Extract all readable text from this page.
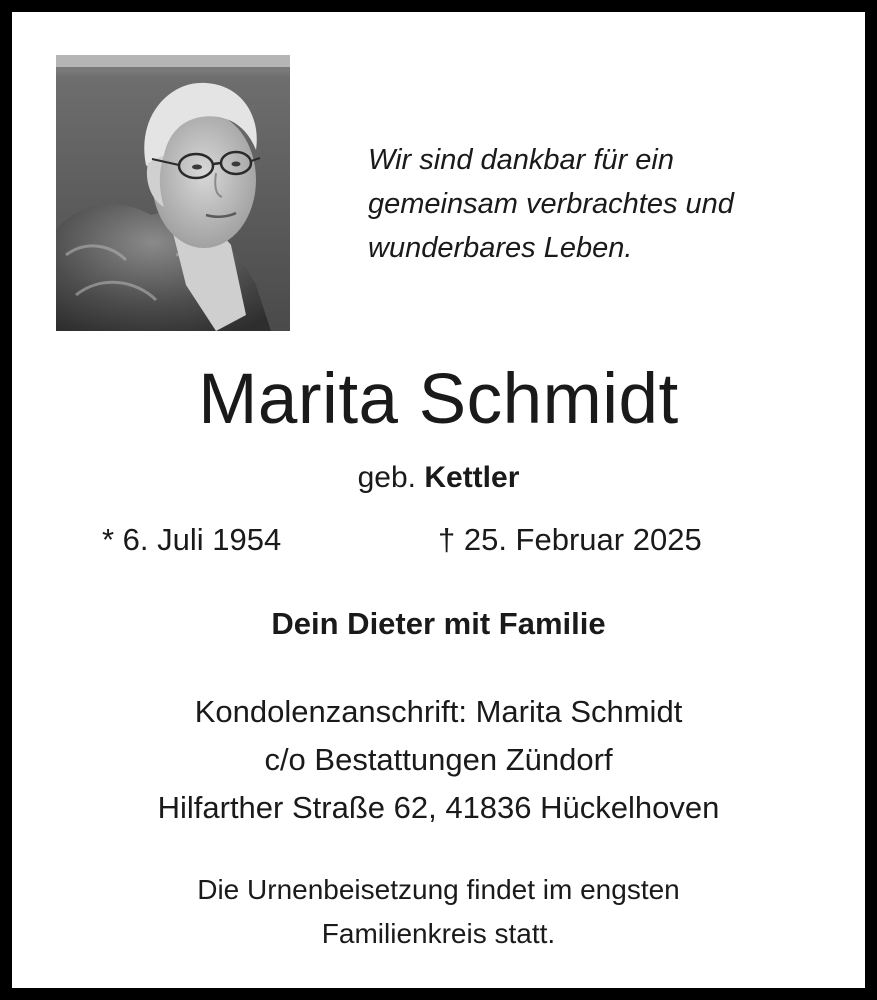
Wir sind dankbar für ein
gemeinsam verbrachtes und
wunderbares Leben.
Marita Schmidt
geb. Kettler
* 6. Juli 1954	† 25. Februar 2025
Dein Dieter mit Familie
Kondolenzanschrift: Marita Schmidt
c/o Bestattungen Zündorf
Hilfarther Straße 62, 41836 Hückelhoven
Die Urnenbeisetzung findet im engsten
Familienkreis statt.
